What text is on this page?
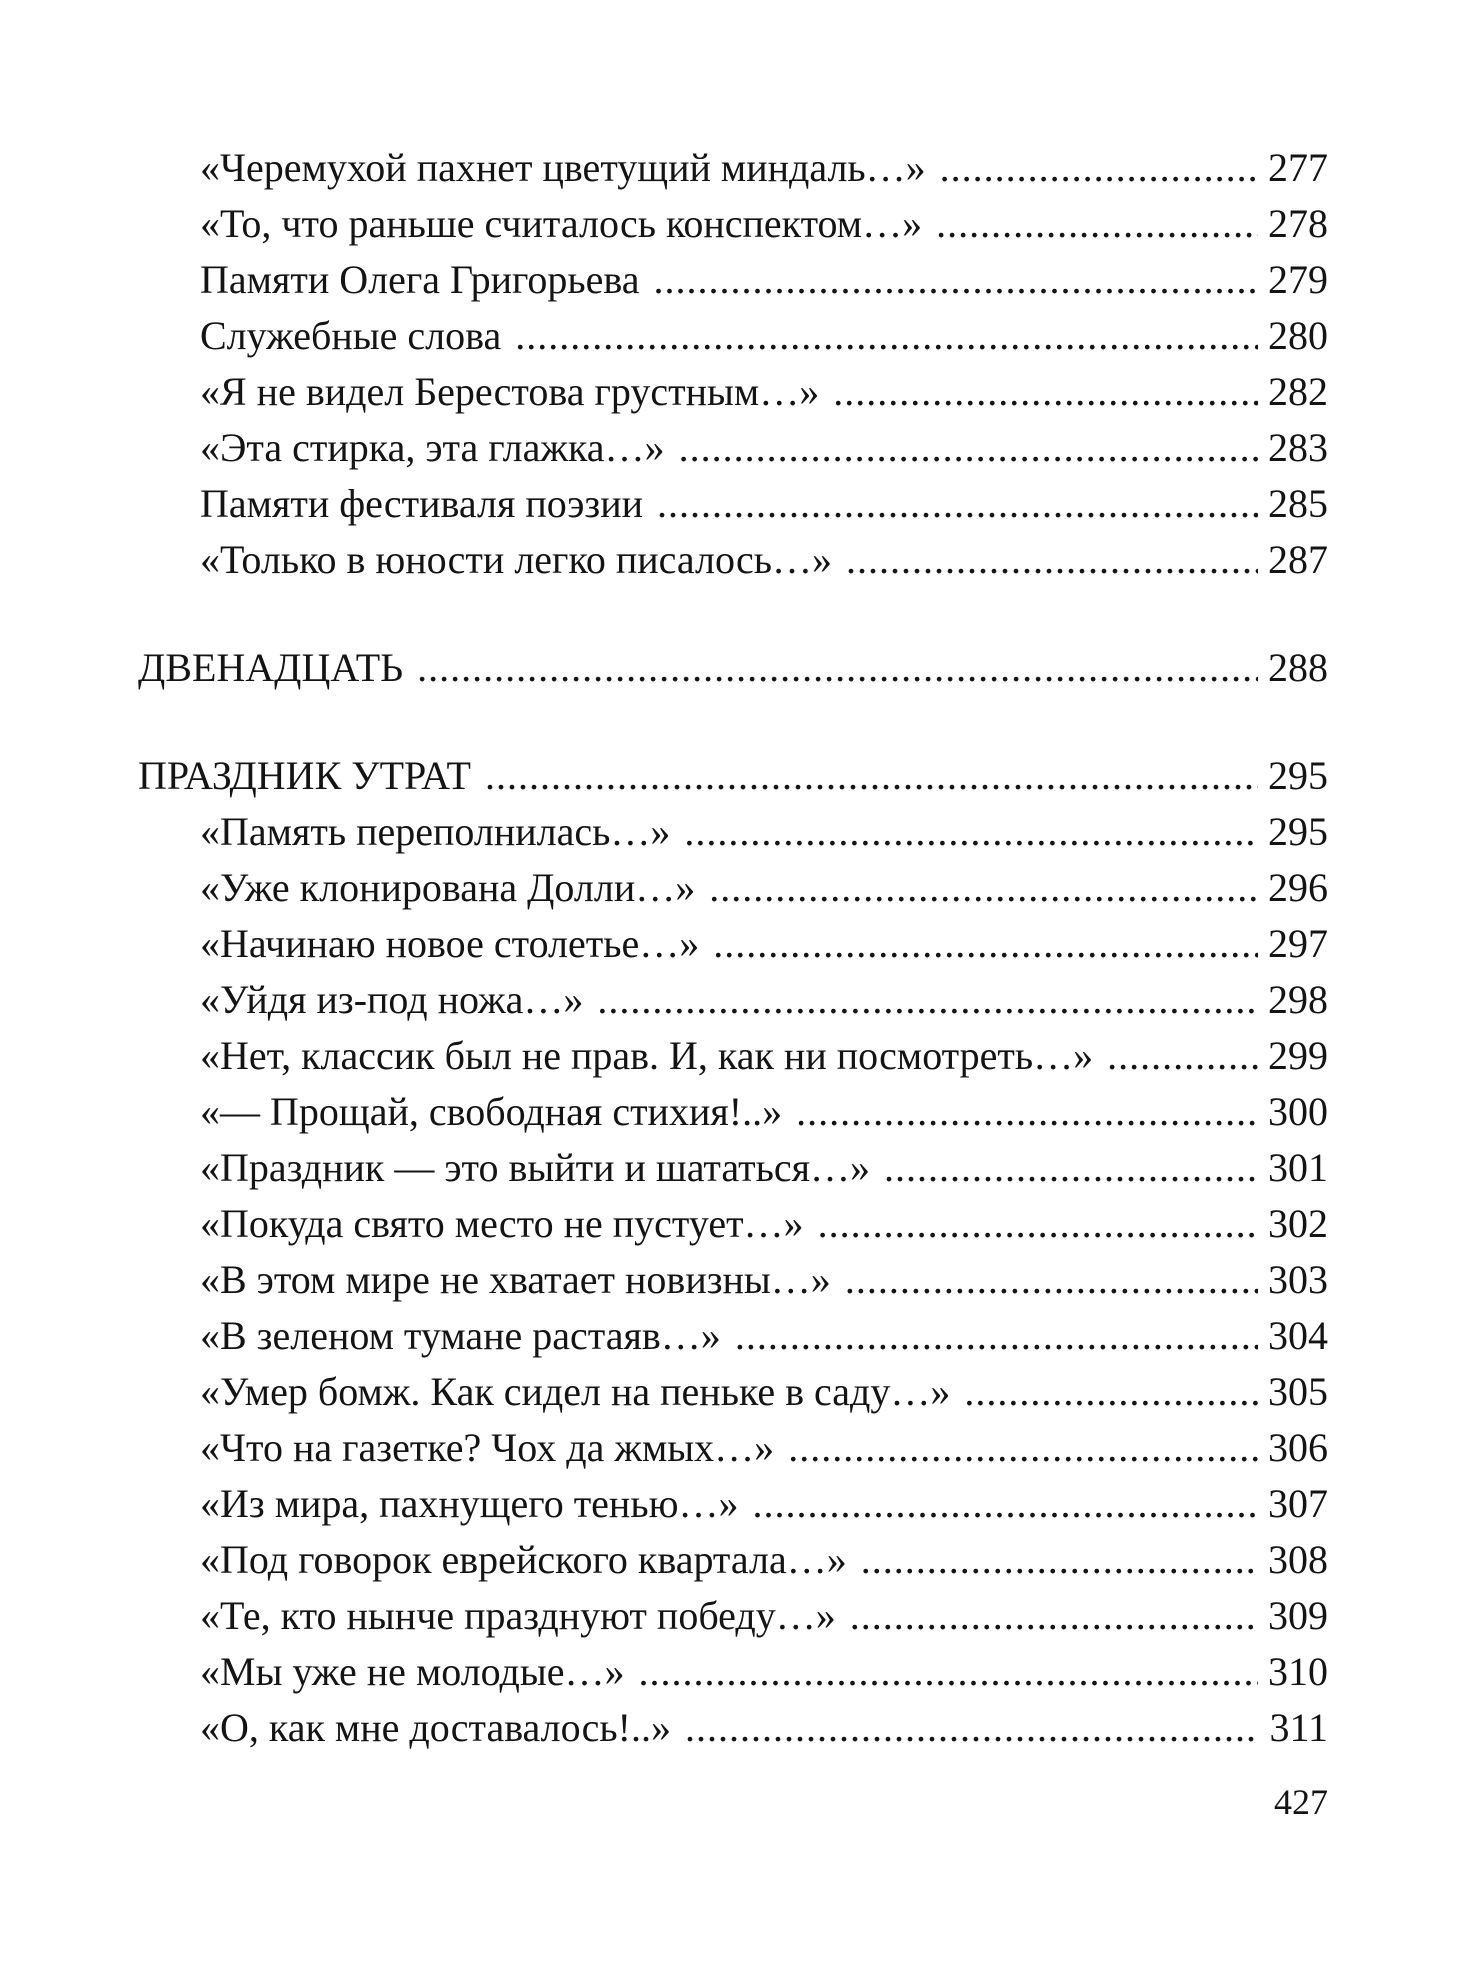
«Черемухой пахнет цветущий миндаль…» .....	277
«То, что раньше считалось конспектом…» .....	278
Памяти Олега Григорьева .....	279
Служебные слова .....	280
«Я не видел Берестова грустным…» .....	282
«Эта стирка, эта глажка…» .....	283
Памяти фестиваля поэзии .....	285
«Только в юности легко писалось…» .....	287
ДВЕНАДЦАТЬ .....	288
ПРАЗДНИК УТРАТ .....	295
«Память переполнилась…» .....	295
«Уже клонирована Долли…» .....	296
«Начинаю новое столетье…» .....	297
«Уйдя из-под ножа…» .....	298
«Нет, классик был не прав. И, как ни посмотреть…» .....	299
«— Прощай, свободная стихия!..» .....	300
«Праздник — это выйти и шататься…» .....	301
«Покуда свято место не пустует…» .....	302
«В этом мире не хватает новизны…» .....	303
«В зеленом тумане растаяв…» .....	304
«Умер бомж. Как сидел на пеньке в саду…» .....	305
«Что на газетке? Чох да жмых…» .....	306
«Из мира, пахнущего тенью…» .....	307
«Под говорок еврейского квартала…» .....	308
«Те, кто нынче празднуют победу…» .....	309
«Мы уже не молодые…» .....	310
«О, как мне доставалось!..» .....	311
427
